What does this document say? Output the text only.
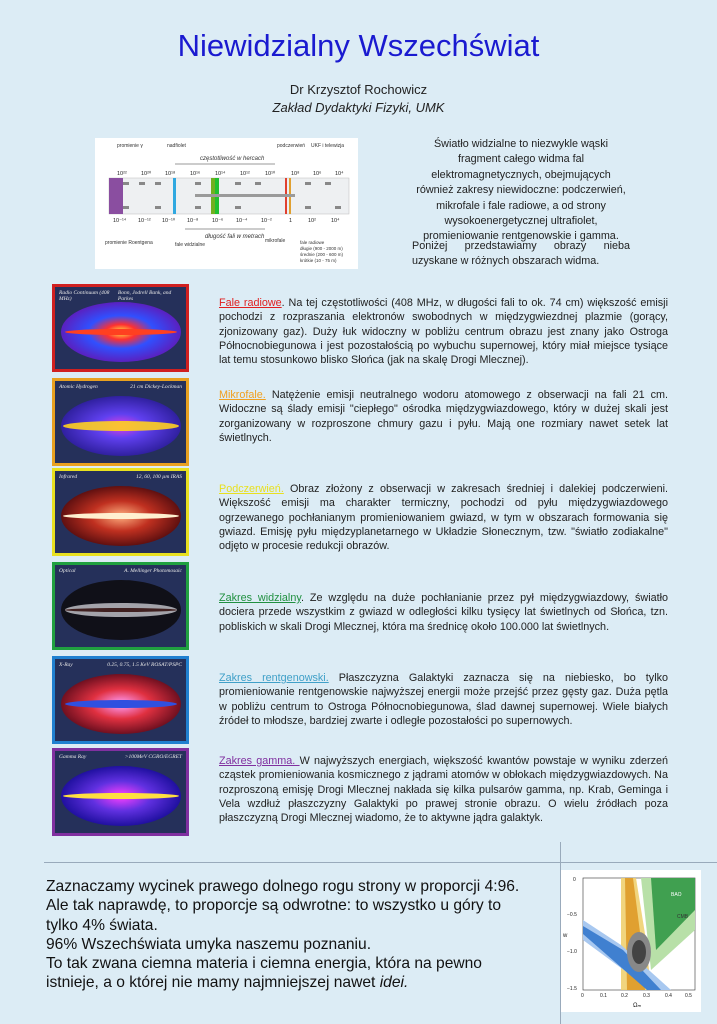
Niewidzialny Wszechświat
Dr Krzysztof Rochowicz
Zakład Dydaktyki Fizyki, UMK
promienie γ	nadfiolet	podczerwień UKF i telewizja
częstotliwość w hercach
10²²	10²⁰	10¹⁸	10¹⁶	10¹⁴	10¹²	10¹⁰	10⁸ 10⁶ 10⁴
10⁻¹⁴ 10⁻¹² 10⁻¹⁰ 10⁻⁸ 10⁻⁶ 10⁻⁴ 10⁻²	1	10²	10⁴
długość fali w metrach
promienie Roentgena	fale widzialne
mikrofale	fale radiowe
długie (900 - 2000 m)
średnie (200 - 600 m)
krótkie (10 - 75 m)
Światło widzialne to niezwykle wąski fragment całego widma fal elektromagnetycznych, obejmujących również zakresy niewidoczne: podczerwień, mikrofale i fale radiowe, a od strony wysokoenergetycznej ultrafiolet, promieniowanie rentgenowskie i gamma.
Poniżej przedstawiamy obrazy nieba uzyskane w różnych obszarach widma.
Radio Continuum (408 MHz)
Bonn, Jodrell Bank, and Parkes
Atomic Hydrogen	21 cm Dickey-Lockman
Infrared	12, 60, 100 µm IRAS
Optical	A. Mellinger Photomosaic
X-Ray	0.25, 0.75, 1.5 KeV ROSAT/PSPC
Gamma Ray	>100MeV CGRO/EGRET
Fale radiowe. Na tej częstotliwości (408 MHz, w długości fali to ok. 74 cm) większość emisji pochodzi z rozpraszania elektronów swobodnych w międzygwiezdnej plazmie (gorący, zjonizowany gaz). Duży łuk widoczny w pobliżu centrum obrazu jest znany jako Ostroga Północnobiegunowa i jest pozostałością po wybuchu supernowej, który miał miejsce tysiące lat temu stosunkowo blisko Słońca (jak na skalę Drogi Mlecznej).
Mikrofale. Natężenie emisji neutralnego wodoru atomowego z obserwacji na fali 21 cm. Widoczne są ślady emisji "ciepłego" ośrodka międzygwiazdowego, który w dużej skali jest zorganizowany w rozproszone chmury gazu i pyłu. Mają one rozmiary nawet setek lat świetlnych.
Podczerwień. Obraz złożony z obserwacji w zakresach średniej i dalekiej podczerwieni. Większość emisji ma charakter termiczny, pochodzi od pyłu międzygwiazdowego ogrzewanego pochłanianym promieniowaniem gwiazd, w tym w obszarach formowania się gwiazd. Emisję pyłu międzyplanetarnego w Układzie Słonecznym, tzw. "światło zodiakalne" odjęto w procesie redukcji obrazów.
Zakres widzialny. Ze względu na duże pochłanianie przez pył międzygwiazdowy, światło dociera przede wszystkim z gwiazd w odległości kilku tysięcy lat świetlnych od Słońca, tzn. pobliskich w skali Drogi Mlecznej, która ma średnicę około 100.000 lat świetlnych.
Zakres rentgenowski. Płaszczyzna Galaktyki zaznacza się na niebiesko, bo tylko promieniowanie rentgenowskie najwyższej energii może przejść przez gęsty gaz. Duża pętla w pobliżu centrum to Ostroga Północnobiegunowa, ślad dawnej supernowej. Wiele białych źródeł to młodsze, bardziej zwarte i odległe pozostałości po supernowych.
Zakres gamma. W najwyższych energiach, większość kwantów powstaje w wyniku zderzeń cząstek promieniowania kosmicznego z jądrami atomów w obłokach międzygwiazdowych. Na rozproszoną emisję Drogi Mlecznej nakłada się kilka pulsarów gamma, np. Krab, Geminga i Vela wzdłuż płaszczyzny Galaktyki po prawej stronie obrazu. O wielu źródłach poza płaszczyzną Drogi Mlecznej wiadomo, że to aktywne jądra galaktyk.
Zaznaczamy wycinek prawego dolnego rogu strony w proporcji 4:96.
Ale tak naprawdę, to proporcje są odwrotne: to wszystko u góry to
tylko 4% świata.
96% Wszechświata umyka naszemu poznaniu.
To tak zwana ciemna materia i ciemna energia, która na pewno
istnieje, a o której nie mamy najmniejszej nawet idei.
BAO
CMB
SNe
0
−0.5
−1.0
−1.5
w
0	0.1	0.2	0.3	0.4	0.5
Ωₘ
